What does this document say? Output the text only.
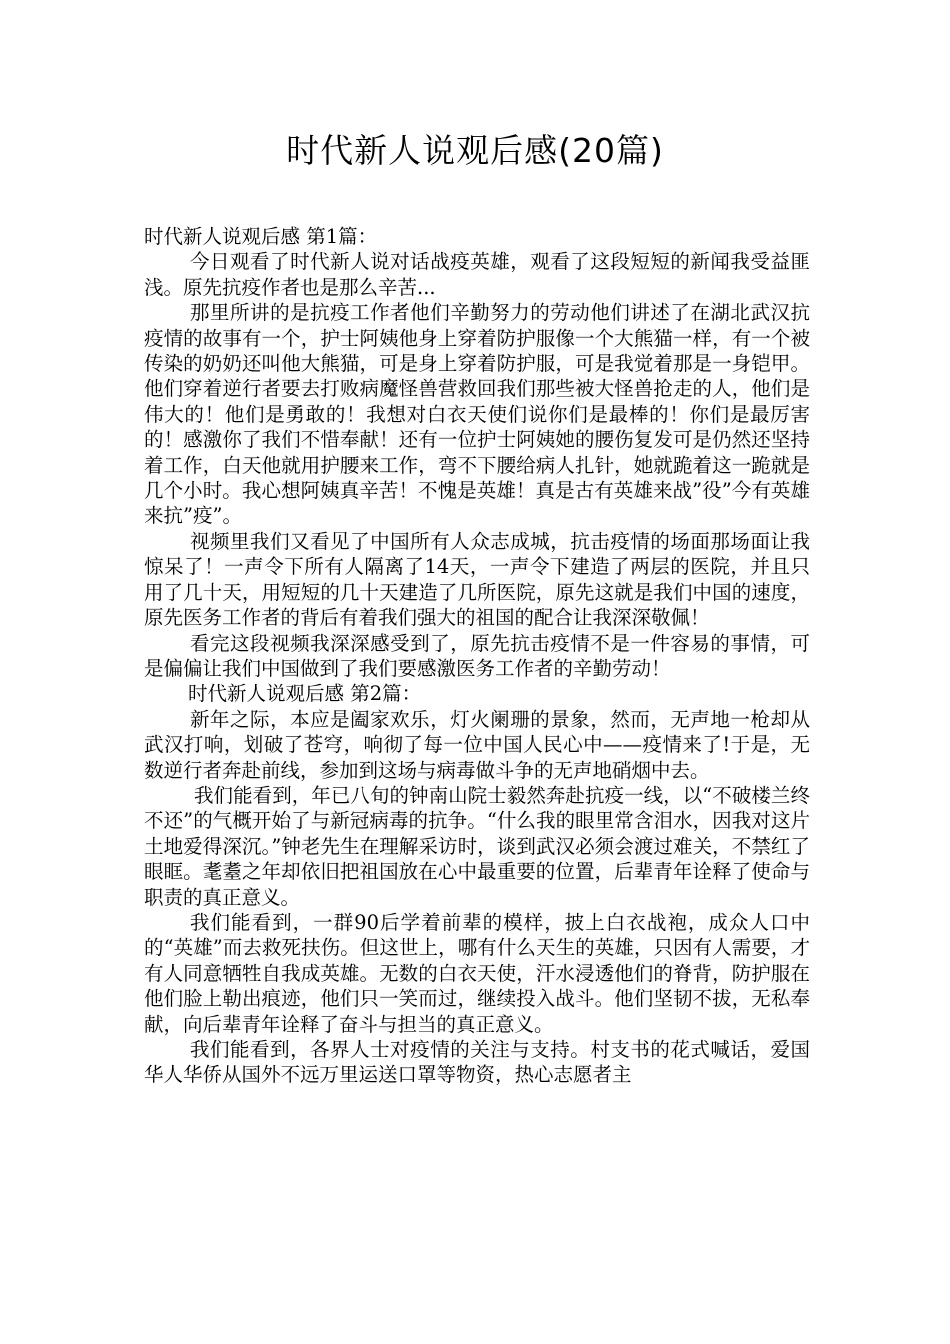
时代新人说观后感(20篇)

时代新人说观后感 第1篇：

今日观看了时代新人说对话战疫英雄，观看了这段短短的新闻我受益匪浅。原先抗疫作者也是那么辛苦...

那里所讲的是抗疫工作者他们辛勤努力的劳动他们讲述了在湖北武汉抗疫情的故事有一个，护士阿姨他身上穿着防护服像一个大熊猫一样，有一个被传染的奶奶还叫他大熊猫，可是身上穿着防护服，可是我觉着那是一身铠甲。他们穿着逆行者要去打败病魔怪兽营救回我们那些被大怪兽抢走的人，他们是伟大的！他们是勇敢的！我想对白衣天使们说你们是最棒的！你们是最厉害的！感激你了我们不惜奉献！还有一位护士阿姨她的腰伤复发可是仍然还坚持着工作，白天他就用护腰来工作，弯不下腰给病人扎针，她就跪着这一跪就是几个小时。我心想阿姨真辛苦！不愧是英雄！真是古有英雄来战”役”今有英雄来抗”疫”。

视频里我们又看见了中国所有人众志成城，抗击疫情的场面那场面让我惊呆了！一声令下所有人隔离了14天，一声令下建造了两层的医院，并且只用了几十天，用短短的几十天建造了几所医院，原先这就是我们中国的速度，原先医务工作者的背后有着我们强大的祖国的配合让我深深敬佩！

看完这段视频我深深感受到了，原先抗击疫情不是一件容易的事情，可是偏偏让我们中国做到了我们要感激医务工作者的辛勤劳动！

时代新人说观后感 第2篇：

新年之际，本应是阖家欢乐，灯火阑珊的景象，然而，无声地一枪却从武汉打响，划破了苍穹，响彻了每一位中国人民心中——疫情来了!于是，无数逆行者奔赴前线，参加到这场与病毒做斗争的无声地硝烟中去。

我们能看到，年已八旬的钟南山院士毅然奔赴抗疫一线，以“不破楼兰终不还”的气概开始了与新冠病毒的抗争。“什么我的眼里常含泪水，因我对这片土地爱得深沉。”钟老先生在理解采访时，谈到武汉必须会渡过难关，不禁红了眼眶。耄耋之年却依旧把祖国放在心中最重要的位置，后辈青年诠释了使命与职责的真正意义。

我们能看到，一群90后学着前辈的模样，披上白衣战袍，成众人口中的“英雄”而去救死扶伤。但这世上，哪有什么天生的英雄，只因有人需要，才有人同意牺牲自我成英雄。无数的白衣天使，汗水浸透他们的脊背，防护服在他们脸上勒出痕迹，他们只一笑而过，继续投入战斗。他们坚韧不拔，无私奉献，向后辈青年诠释了奋斗与担当的真正意义。

我们能看到，各界人士对疫情的关注与支持。村支书的花式喊话，爱国华人华侨从国外不远万里运送口罩等物资，热心志愿者主
